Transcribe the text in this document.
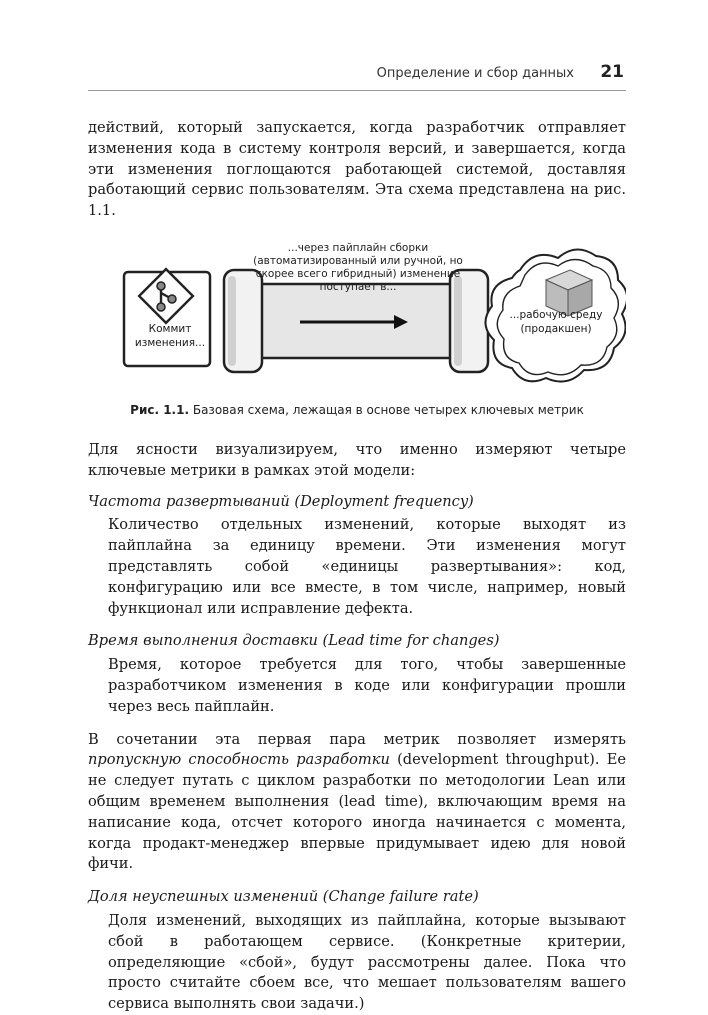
Определение и сбор данных 21

действий, который запускается, когда разработчик отправляет изменения кода в систему контроля версий, и завершается, когда эти изменения поглощаются работающей системой, доставляя работающий сервис пользователям. Эта схема представлена на рис. 1.1.

...через пайплайн сборки (автоматизированный или ручной, но скорее всего гибридный) изменение поступает в...
Коммит изменения...
...рабочую среду (продакшен)
Рис. 1.1. Базовая схема, лежащая в основе четырех ключевых метрик

Для ясности визуализируем, что именно измеряют четыре ключевые метрики в рамках этой модели:

Частота развертываний (Deployment frequency)

Количество отдельных изменений, которые выходят из пайплайна за единицу времени. Эти изменения могут представлять собой «единицы развертывания»: код, конфигурацию или все вместе, в том числе, например, новый функционал или исправление дефекта.

Время выполнения доставки (Lead time for changes)

Время, которое требуется для того, чтобы завершенные разработчиком изменения в коде или конфигурации прошли через весь пайплайн.

В сочетании эта первая пара метрик позволяет измерять пропускную способность разработки (development throughput). Ее не следует путать с циклом разработки по методологии Lean или общим временем выполнения (lead time), включающим время на написание кода, отсчет которого иногда начинается с момента, когда продакт-менеджер впервые придумывает идею для новой фичи.

Доля неуспешных изменений (Change failure rate)

Доля изменений, выходящих из пайплайна, которые вызывают сбой в работающем сервисе. (Конкретные критерии, определяющие «сбой», будут рассмотрены далее. Пока что просто считайте сбоем все, что мешает пользователям вашего сервиса выполнять свои задачи.)
